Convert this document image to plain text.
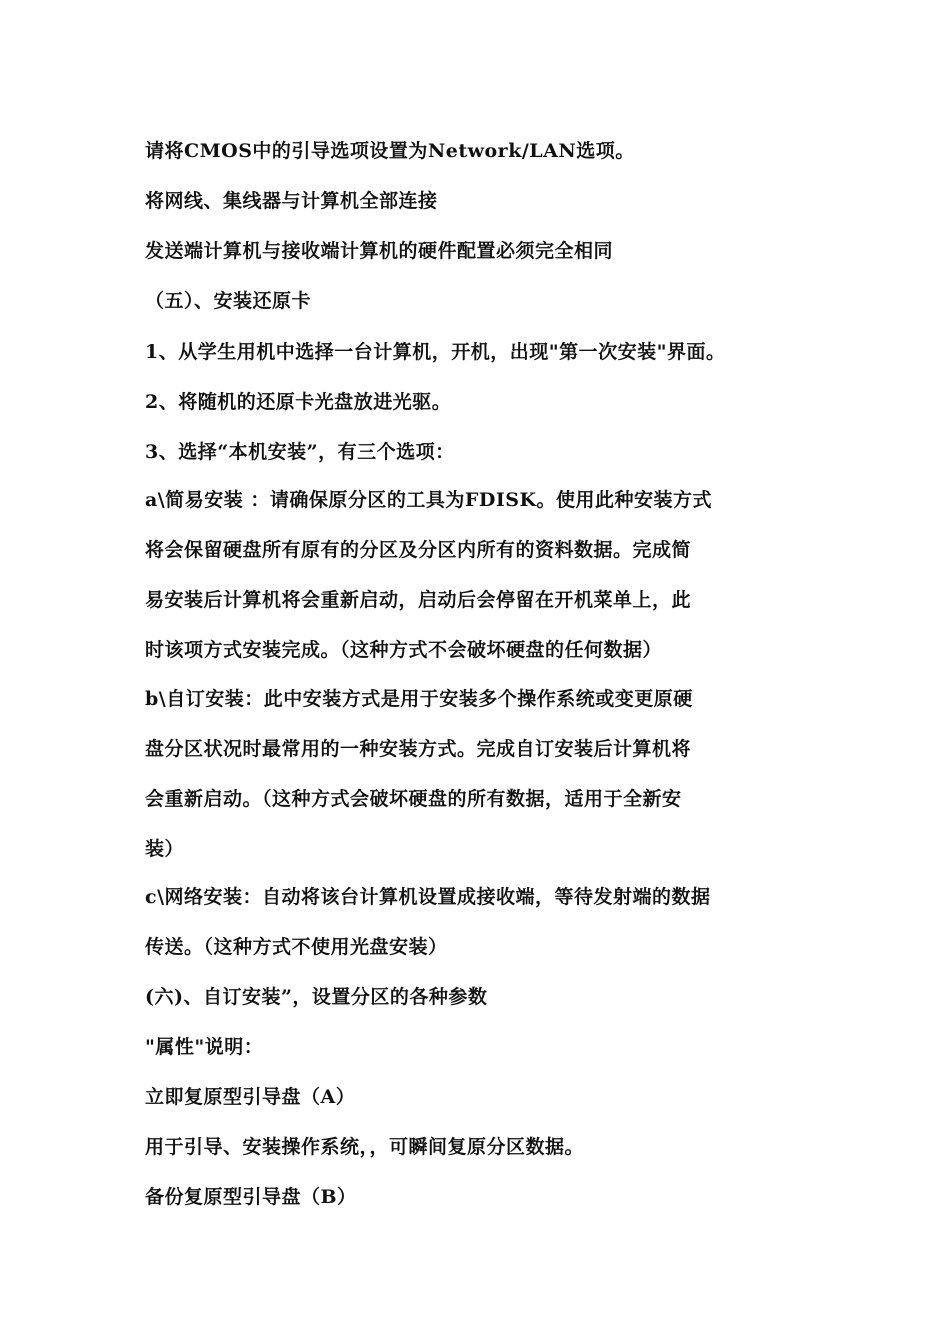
请将CMOS中的引导选项设置为Network/LAN选项。
将网线、集线器与计算机全部连接
发送端计算机与接收端计算机的硬件配置必须完全相同
（五）、安装还原卡
1、从学生用机中选择一台计算机，开机，出现"第一次安装"界面。
2、将随机的还原卡光盘放进光驱。
3、选择“本机安装”，有三个选项：
a\简易安装 ：请确保原分区的工具为FDISK。使用此种安装方式
将会保留硬盘所有原有的分区及分区内所有的资料数据。完成简
易安装后计算机将会重新启动，启动后会停留在开机菜单上，此
时该项方式安装完成。（这种方式不会破坏硬盘的任何数据）
b\自订安装：此中安装方式是用于安装多个操作系统或变更原硬
盘分区状况时最常用的一种安装方式。完成自订安装后计算机将
会重新启动。（这种方式会破坏硬盘的所有数据，适用于全新安
装）
c\网络安装：自动将该台计算机设置成接收端，等待发射端的数据
传送。（这种方式不使用光盘安装）
(六)、自订安装”，设置分区的各种参数
"属性"说明：
立即复原型引导盘（A）
用于引导、安装操作系统，，可瞬间复原分区数据。
备份复原型引导盘（B）
